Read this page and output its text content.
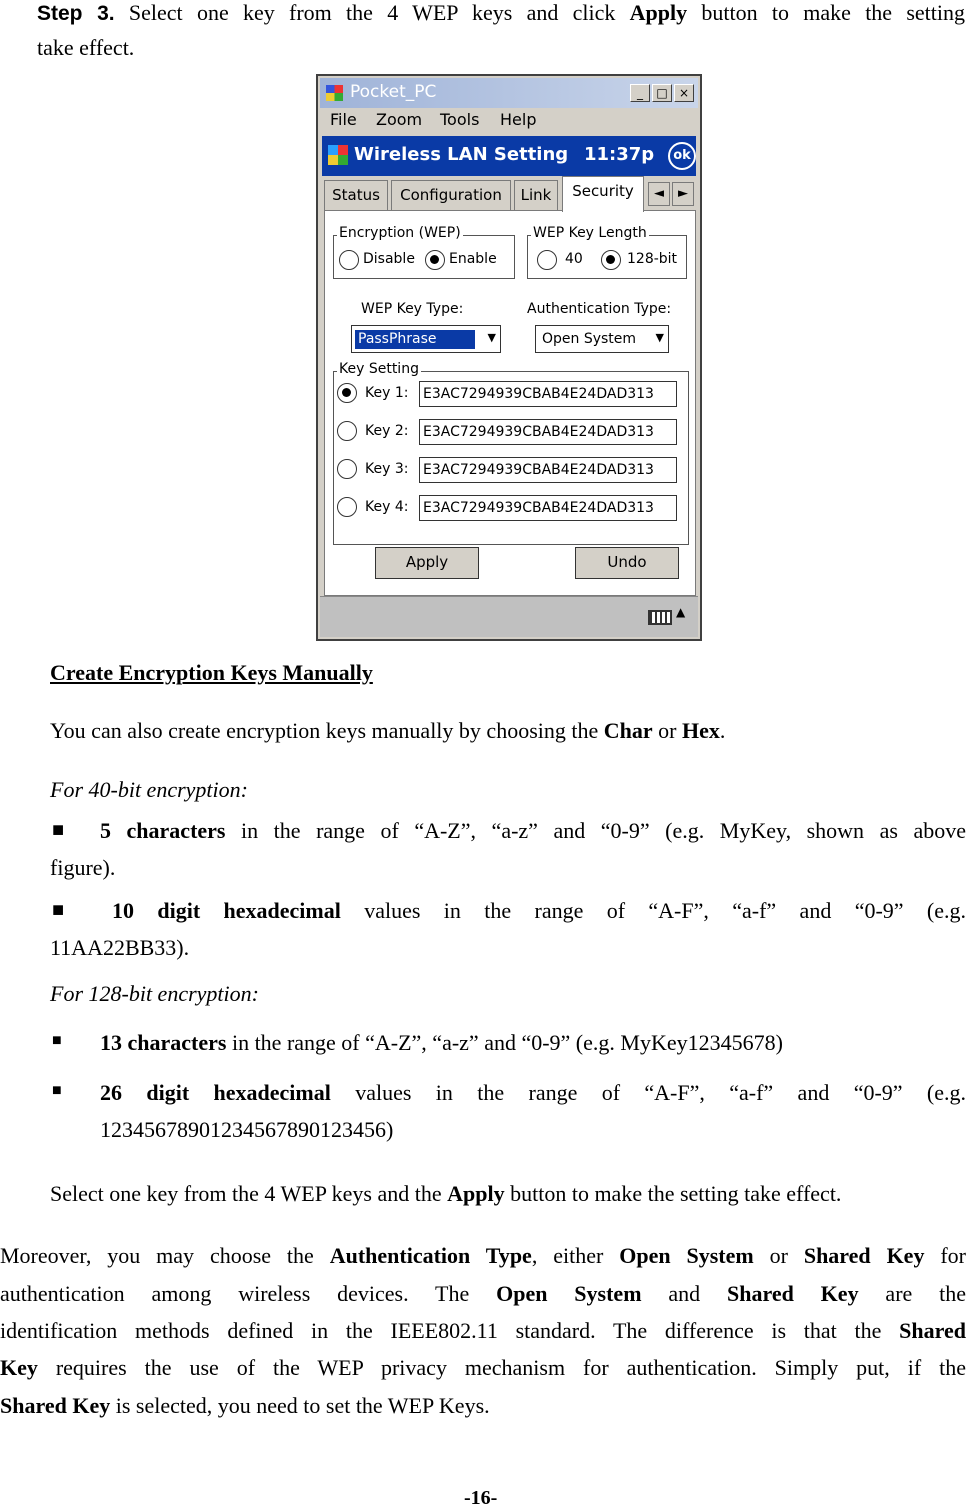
Step 3. Select one key from the 4 WEP keys and click Apply button to make the setting
take effect.
Pocket_PC	_	□ ×
File Zoom Tools Help
Wireless LAN Setting 11:37p	ok
Status	Configuration	Link	Security	◄	►
Encryption (WEP)
Disable Enable
WEP Key Length
40	128-bit
WEP Key Type:
PassPhrase	▼
Authentication Type:
Open System ▼
Key Setting
Key 1: E3AC7294939CBAB4E24DAD313
Key 2: E3AC7294939CBAB4E24DAD313
Key 3: E3AC7294939CBAB4E24DAD313
Key 4: E3AC7294939CBAB4E24DAD313
Apply	Undo
▲
Create Encryption Keys Manually
You can also create encryption keys manually by choosing the Char or Hex.
For 40-bit encryption:
■ 5 characters in the range of “A-Z”, “a-z” and “0-9” (e.g. MyKey, shown as above
figure).
■ 10 digit hexadecimal values in the range of “A-F”, “a-f” and “0-9” (e.g.
11AA22BB33).
For 128-bit encryption:
■ 13 characters in the range of “A-Z”, “a-z” and “0-9” (e.g. MyKey12345678)
■ 26 digit hexadecimal values in the range of “A-F”, “a-f” and “0-9” (e.g.
12345678901234567890123456)
Select one key from the 4 WEP keys and the Apply button to make the setting take effect.
Moreover, you may choose the Authentication Type, either Open System or Shared Key for
authentication among wireless devices. The Open System and Shared Key are the
identification methods defined in the IEEE802.11 standard. The difference is that the Shared
Key requires the use of the WEP privacy mechanism for authentication. Simply put, if the
Shared Key is selected, you need to set the WEP Keys.
-16-
